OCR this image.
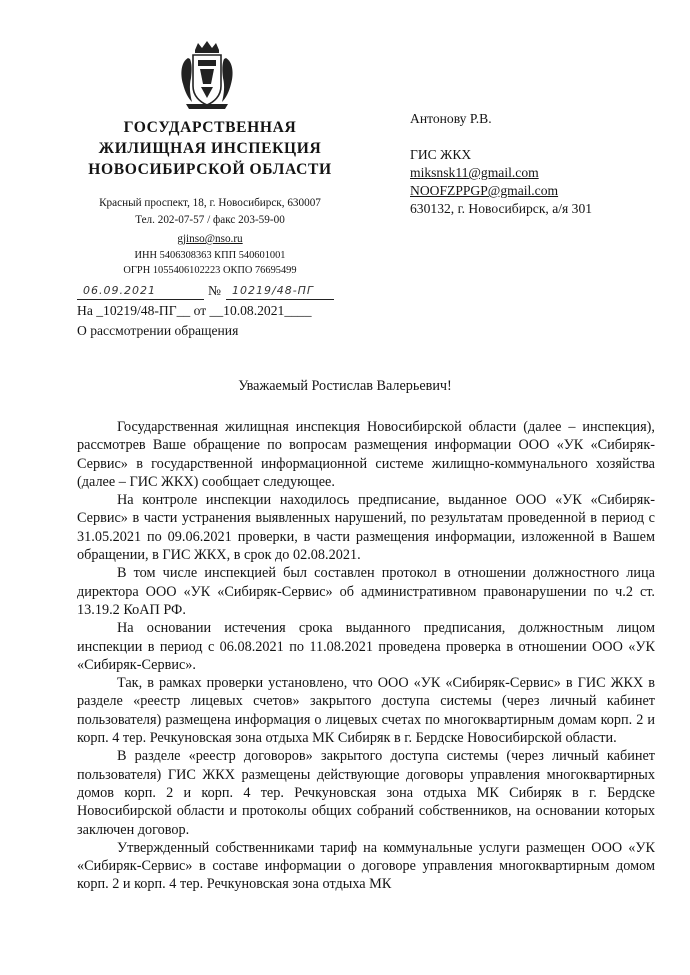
ГОСУДАРСТВЕННАЯ
ЖИЛИЩНАЯ ИНСПЕКЦИЯ
НОВОСИБИРСКОЙ ОБЛАСТИ
Красный проспект, 18, г. Новосибирск, 630007
Тел. 202-07-57 / факс 203-59-00
gjinso@nso.ru
ИНН 5406308363 КПП 540601001
ОГРН 1055406102223 ОКПО 76695499
06.09.2021	№ 10219/48-ПГ
На _10219/48-ПГ__ от __10.08.2021____
О рассмотрении обращения
Антонову Р.В.
ГИС ЖКХ
miksnsk11@gmail.com
NOOFZPPGP@gmail.com
630132, г. Новосибирск, а/я 301
Уважаемый Ростислав Валерьевич!

Государственная жилищная инспекция Новосибирской области (далее – инспекция), рассмотрев Ваше обращение по вопросам размещения информации ООО «УК «Сибиряк-Сервис» в государственной информационной системе жилищно-коммунального хозяйства (далее – ГИС ЖКХ) сообщает следующее.

На контроле инспекции находилось предписание, выданное ООО «УК «Сибиряк-Сервис» в части устранения выявленных нарушений, по результатам проведенной в период с 31.05.2021 по 09.06.2021 проверки, в части размещения информации, изложенной в Вашем обращении, в ГИС ЖКХ, в срок до 02.08.2021.

В том числе инспекцией был составлен протокол в отношении должностного лица директора ООО «УК «Сибиряк-Сервис» об административном правонарушении по ч.2 ст. 13.19.2 КоАП РФ.

На основании истечения срока выданного предписания, должностным лицом инспекции в период с 06.08.2021 по 11.08.2021 проведена проверка в отношении ООО «УК «Сибиряк-Сервис».

Так, в рамках проверки установлено, что ООО «УК «Сибиряк-Сервис» в ГИС ЖКХ в разделе «реестр лицевых счетов» закрытого доступа системы (через личный кабинет пользователя) размещена информация о лицевых счетах по многоквартирным домам корп. 2 и корп. 4 тер. Речкуновская зона отдыха МК Сибиряк в г. Бердске Новосибирской области.

В разделе «реестр договоров» закрытого доступа системы (через личный кабинет пользователя) ГИС ЖКХ размещены действующие договоры управления многоквартирных домов корп. 2 и корп. 4 тер. Речкуновская зона отдыха МК Сибиряк в г. Бердске Новосибирской области и протоколы общих собраний собственников, на основании которых заключен договор.

Утвержденный собственниками тариф на коммунальные услуги размещен ООО «УК «Сибиряк-Сервис» в составе информации о договоре управления многоквартирным домом корп. 2 и корп. 4 тер. Речкуновская зона отдыха МК
